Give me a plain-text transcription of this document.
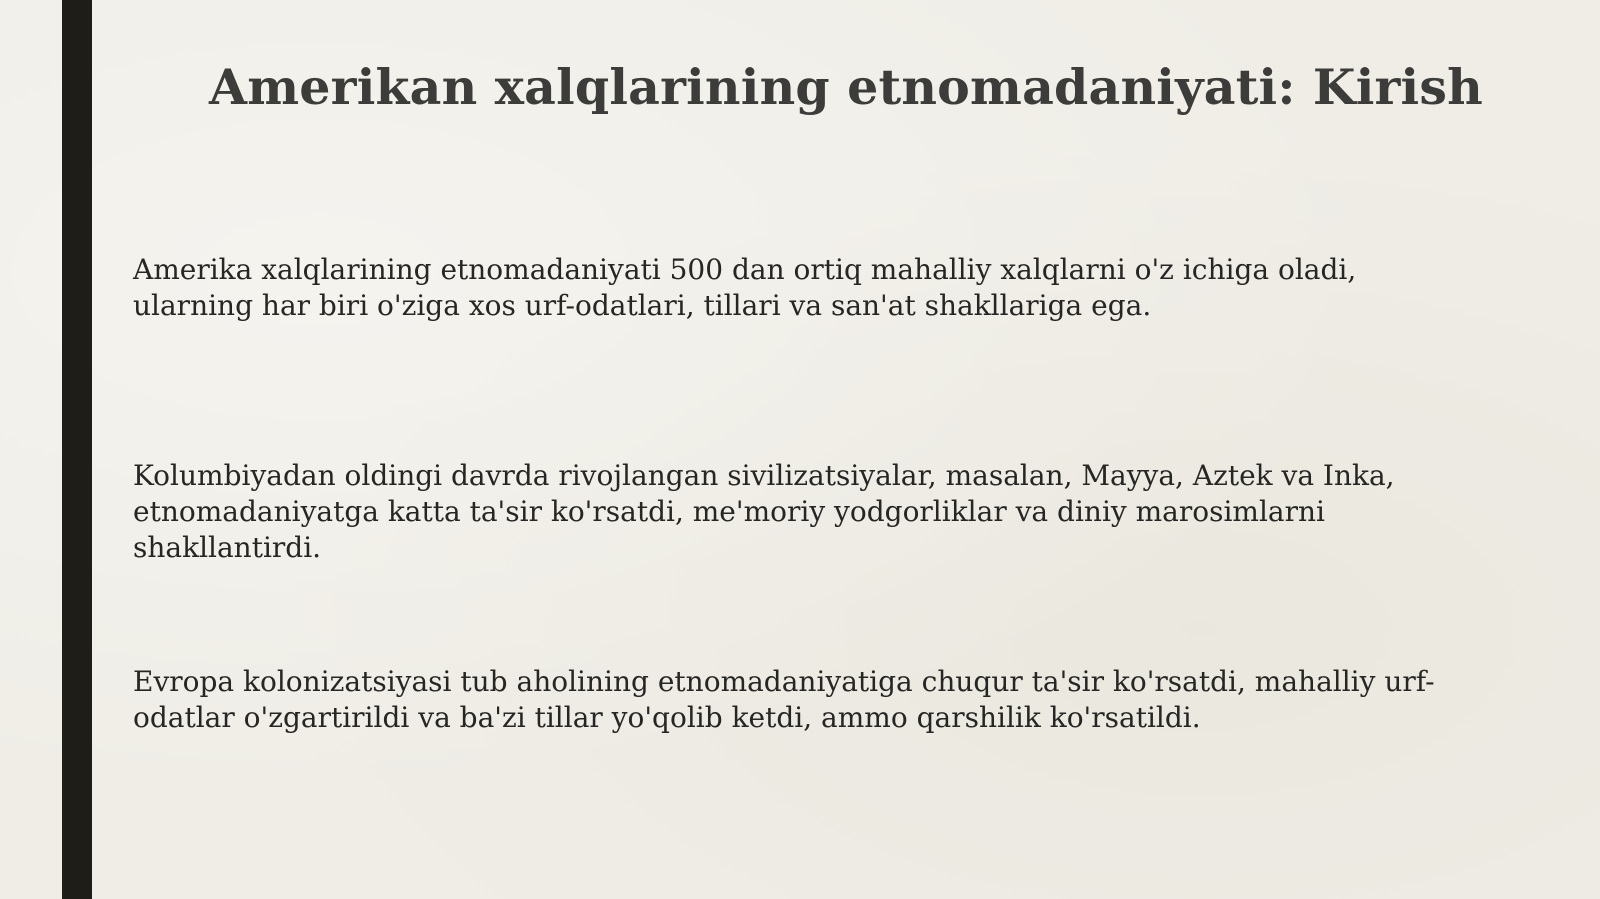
Amerikan xalqlarining etnomadaniyati: Kirish

Amerika xalqlarining etnomadaniyati 500 dan ortiq mahalliy xalqlarni o'z ichiga oladi, ularning har biri o'ziga xos urf-odatlari, tillari va san'at shakllariga ega.

Kolumbiyadan oldingi davrda rivojlangan sivilizatsiyalar, masalan, Mayya, Aztek va Inka, etnomadaniyatga katta ta'sir ko'rsatdi, me'moriy yodgorliklar va diniy marosimlarni shakllantirdi.

Evropa kolonizatsiyasi tub aholining etnomadaniyatiga chuqur ta'sir ko'rsatdi, mahalliy urf-odatlar o'zgartirildi va ba'zi tillar yo'qolib ketdi, ammo qarshilik ko'rsatildi.
